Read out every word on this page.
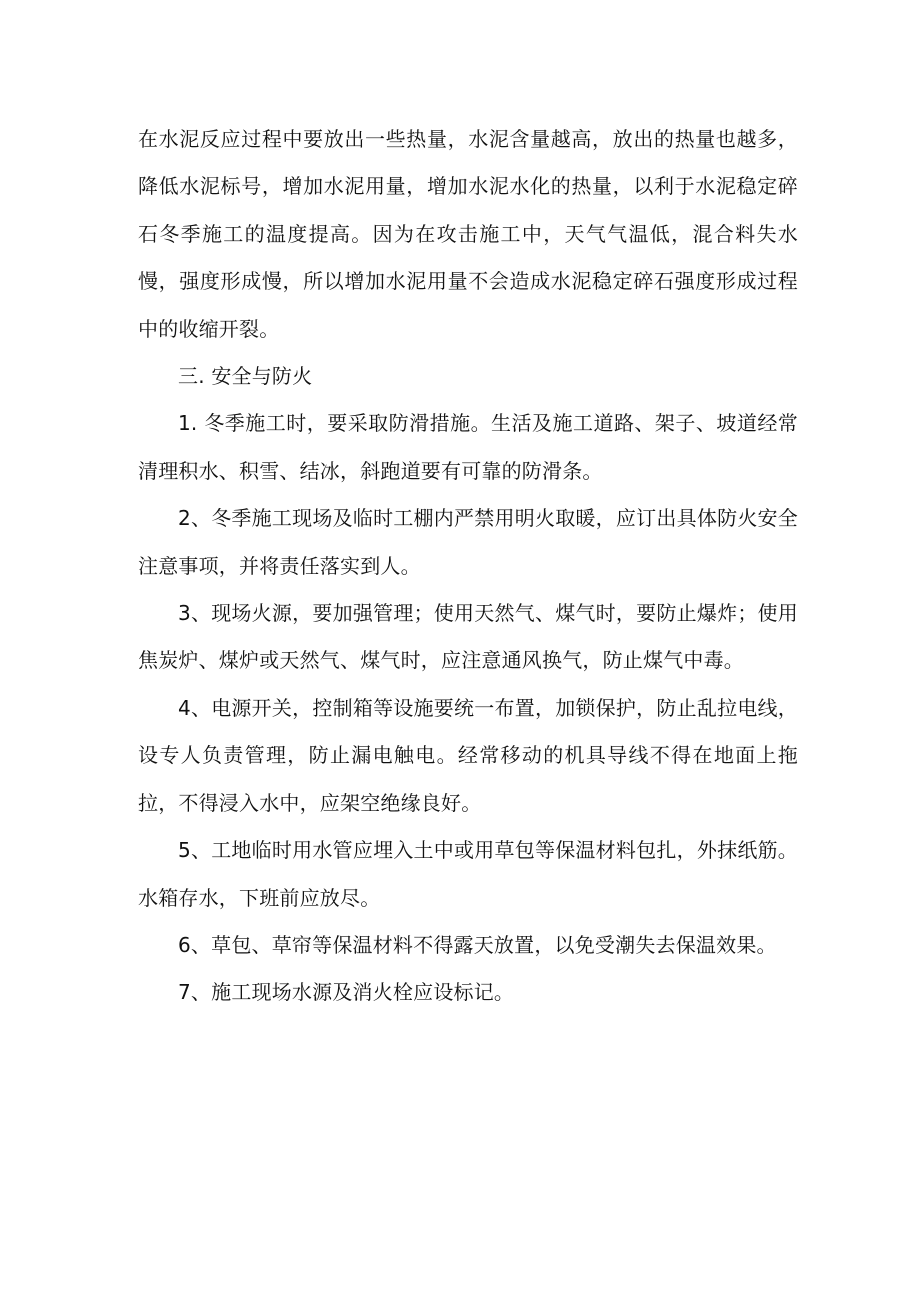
在水泥反应过程中要放出一些热量，水泥含量越高，放出的热量也越多，降低水泥标号，增加水泥用量，增加水泥水化的热量，以利于水泥稳定碎石冬季施工的温度提高。因为在攻击施工中，天气气温低，混合料失水慢，强度形成慢，所以增加水泥用量不会造成水泥稳定碎石强度形成过程中的收缩开裂。

三. 安全与防火

1. 冬季施工时，要采取防滑措施。生活及施工道路、架子、坡道经常清理积水、积雪、结冰，斜跑道要有可靠的防滑条。

2、冬季施工现场及临时工棚内严禁用明火取暖，应订出具体防火安全注意事项，并将责任落实到人。

3、现场火源，要加强管理；使用天然气、煤气时，要防止爆炸；使用焦炭炉、煤炉或天然气、煤气时，应注意通风换气，防止煤气中毒。

4、电源开关，控制箱等设施要统一布置，加锁保护，防止乱拉电线，设专人负责管理，防止漏电触电。经常移动的机具导线不得在地面上拖拉，不得浸入水中，应架空绝缘良好。

5、工地临时用水管应埋入土中或用草包等保温材料包扎，外抹纸筋。水箱存水，下班前应放尽。

6、草包、草帘等保温材料不得露天放置，以免受潮失去保温效果。

7、施工现场水源及消火栓应设标记。
